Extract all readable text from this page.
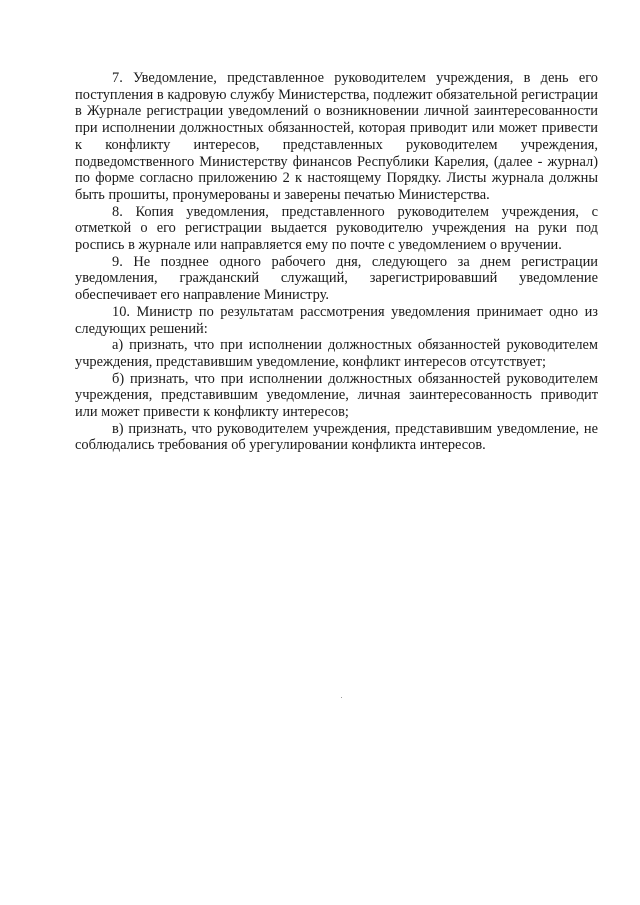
7. Уведомление, представленное руководителем учреждения, в день его поступления в кадровую службу Министерства, подлежит обязательной регистрации в Журнале регистрации уведомлений о возникновении личной заинтересованности при исполнении должностных обязанностей, которая приводит или может привести к конфликту интересов, представленных руководителем учреждения, подведомственного Министерству финансов Республики Карелия, (далее - журнал) по форме согласно приложению 2 к настоящему Порядку. Листы журнала должны быть прошиты, пронумерованы и заверены печатью Министерства.

8. Копия уведомления, представленного руководителем учреждения, с отметкой о его регистрации выдается руководителю учреждения на руки под роспись в журнале или направляется ему по почте с уведомлением о вручении.

9. Не позднее одного рабочего дня, следующего за днем регистрации уведомления, гражданский служащий, зарегистрировавший уведомление обеспечивает его направление Министру.

10. Министр по результатам рассмотрения уведомления принимает одно из следующих решений:

а) признать, что при исполнении должностных обязанностей руководителем учреждения, представившим уведомление, конфликт интересов отсутствует;

б) признать, что при исполнении должностных обязанностей руководителем учреждения, представившим уведомление, личная заинтересованность приводит или может привести к конфликту интересов;

в) признать, что руководителем учреждения, представившим уведомление, не соблюдались требования об урегулировании конфликта интересов.
